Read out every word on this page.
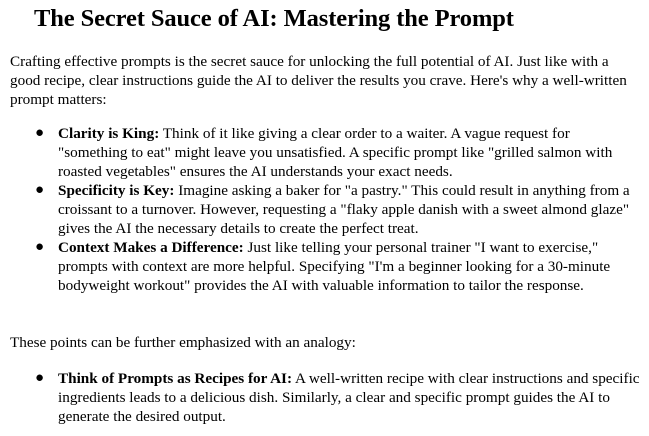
The Secret Sauce of AI: Mastering the Prompt

Crafting effective prompts is the secret sauce for unlocking the full potential of AI. Just like with a good recipe, clear instructions guide the AI to deliver the results you crave. Here's why a well-written prompt matters:

● Clarity is King: Think of it like giving a clear order to a waiter. A vague request for "something to eat" might leave you unsatisfied. A specific prompt like "grilled salmon with roasted vegetables" ensures the AI understands your exact needs.
● Specificity is Key: Imagine asking a baker for "a pastry." This could result in anything from a croissant to a turnover. However, requesting a "flaky apple danish with a sweet almond glaze" gives the AI the necessary details to create the perfect treat.
● Context Makes a Difference: Just like telling your personal trainer "I want to exercise," prompts with context are more helpful. Specifying "I'm a beginner looking for a 30-minute bodyweight workout" provides the AI with valuable information to tailor the response.

These points can be further emphasized with an analogy:

● Think of Prompts as Recipes for AI: A well-written recipe with clear instructions and specific ingredients leads to a delicious dish. Similarly, a clear and specific prompt guides the AI to generate the desired output.
